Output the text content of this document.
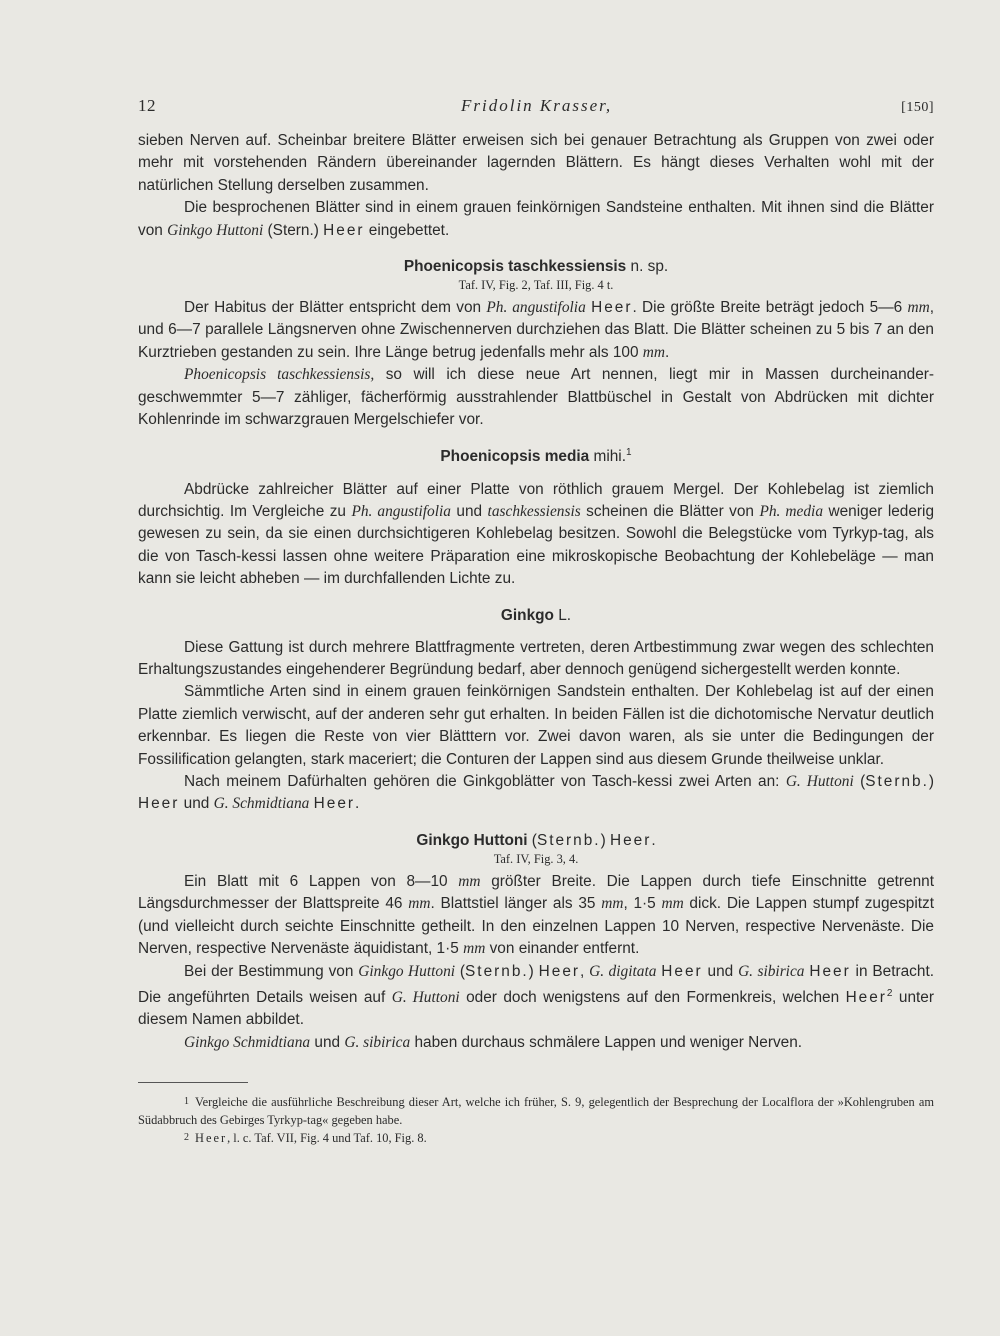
12	Fridolin Krasser,	[150]

sieben Nerven auf. Scheinbar breitere Blätter erweisen sich bei genauer Betrachtung als Gruppen von zwei oder mehr mit vorstehenden Rändern übereinander lagernden Blättern. Es hängt dieses Verhalten wohl mit der natürlichen Stellung derselben zusammen.

Die besprochenen Blätter sind in einem grauen feinkörnigen Sandsteine enthalten. Mit ihnen sind die Blätter von Ginkgo Huttoni (Stern.) Heer eingebettet.

Phoenicopsis taschkessiensis n. sp.
Taf. IV, Fig. 2, Taf. III, Fig. 4 t.

Der Habitus der Blätter entspricht dem von Ph. angustifolia Heer. Die größte Breite beträgt jedoch 5—6 mm, und 6—7 parallele Längsnerven ohne Zwischennerven durchziehen das Blatt. Die Blätter scheinen zu 5 bis 7 an den Kurztrieben gestanden zu sein. Ihre Länge betrug jedenfalls mehr als 100 mm.

Phoenicopsis taschkessiensis, so will ich diese neue Art nennen, liegt mir in Massen durcheinander-geschwemmter 5—7 zähliger, fächerförmig ausstrahlender Blattbüschel in Gestalt von Abdrücken mit dichter Kohlenrinde im schwarzgrauen Mergelschiefer vor.

Phoenicopsis media mihi.$^1$

Abdrücke zahlreicher Blätter auf einer Platte von röthlich grauem Mergel. Der Kohlebelag ist ziemlich durchsichtig. Im Vergleiche zu Ph. angustifolia und taschkessiensis scheinen die Blätter von Ph. media weniger lederig gewesen zu sein, da sie einen durchsichtigeren Kohlebelag besitzen. Sowohl die Belegstücke vom Tyrkyp-tag, als die von Tasch-kessi lassen ohne weitere Präparation eine mikroskopische Beobachtung der Kohlebeläge — man kann sie leicht abheben — im durchfallenden Lichte zu.

Ginkgo L.

Diese Gattung ist durch mehrere Blattfragmente vertreten, deren Artbestimmung zwar wegen des schlechten Erhaltungszustandes eingehenderer Begründung bedarf, aber dennoch genügend sichergestellt werden konnte.

Sämmtliche Arten sind in einem grauen feinkörnigen Sandstein enthalten. Der Kohlebelag ist auf der einen Platte ziemlich verwischt, auf der anderen sehr gut erhalten. In beiden Fällen ist die dichotomische Nervatur deutlich erkennbar. Es liegen die Reste von vier Blätttern vor. Zwei davon waren, als sie unter die Bedingungen der Fossilification gelangten, stark maceriert; die Conturen der Lappen sind aus diesem Grunde theilweise unklar.

Nach meinem Dafürhalten gehören die Ginkgoblätter von Tasch-kessi zwei Arten an: G. Huttoni (Sternb.) Heer und G. Schmidtiana Heer.

Ginkgo Huttoni (Sternb.) Heer.
Taf. IV, Fig. 3, 4.

Ein Blatt mit 6 Lappen von 8—10 mm größter Breite. Die Lappen durch tiefe Einschnitte getrennt Längsdurchmesser der Blattspreite 46 mm. Blattstiel länger als 35 mm, 1·5 mm dick. Die Lappen stumpf zugespitzt (und vielleicht durch seichte Einschnitte getheilt. In den einzelnen Lappen 10 Nerven, respective Nervenäste. Die Nerven, respective Nervenäste äquidistant, 1·5 mm von einander entfernt.

Bei der Bestimmung von Ginkgo Huttoni (Sternb.) Heer, G. digitata Heer und G. sibirica Heer in Betracht. Die angeführten Details weisen auf G. Huttoni oder doch wenigstens auf den Formenkreis, welchen Heer$^2$ unter diesem Namen abbildet.

Ginkgo Schmidtiana und G. sibirica haben durchaus schmälere Lappen und weniger Nerven.

1 Vergleiche die ausführliche Beschreibung dieser Art, welche ich früher, S. 9, gelegentlich der Besprechung der Localflora der »Kohlengruben am Südabbruch des Gebirges Tyrkyp-tag« gegeben habe.

2 Heer, l. c. Taf. VII, Fig. 4 und Taf. 10, Fig. 8.
